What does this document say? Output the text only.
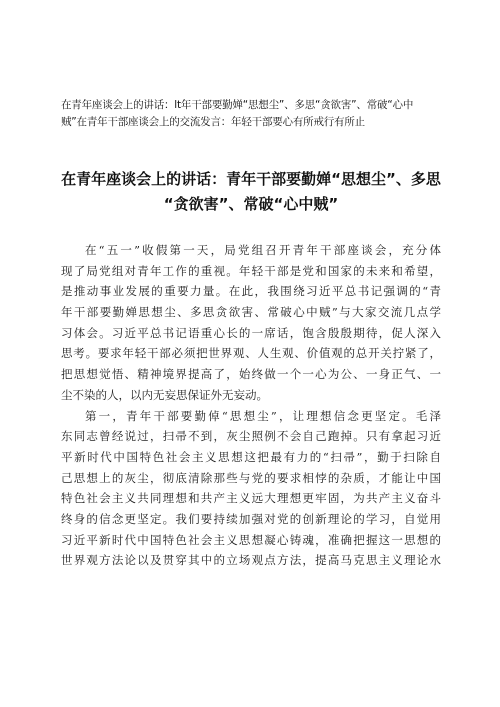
在青年座谈会上的讲话：lt年干部要勤婵“思想尘”、多思“贪欲害”、常破“心中
贼”在青年干部座谈会上的交流发言：年轻干部要心有所戒行有所止
在青年座谈会上的讲话：青年干部要勤婵“思想尘”、多思
“贪欲害”、常破“心中贼”
在“五一”收假第一天，局党组召开青年干部座谈会，充分体
现了局党组对青年工作的重视。年轻干部是党和国家的未来和希望，
是推动事业发展的重要力量。在此，我围绕习近平总书记强调的“青
年干部要勤婵思想尘、多思贪欲害、常破心中贼”与大家交流几点学
习体会。习近平总书记语重心长的一席话，饱含殷殷期待，促人深入
思考。要求年轻干部必须把世界观、人生观、价值观的总开关拧紧了，
把思想觉悟、精神境界提高了，始终做一个一心为公、一身正气、一
尘不染的人，以内无妄思保证外无妄动。
第一，青年干部要勤倬“思想尘”，让理想信念更坚定。毛泽
东同志曾经说过，扫帚不到，灰尘照例不会自己跑掉。只有拿起习近
平新时代中国特色社会主义思想这把最有力的“扫帚”，勤于扫除自
己思想上的灰尘，彻底清除那些与党的要求相悖的杂质，才能让中国
特色社会主义共同理想和共产主义远大理想更牢固，为共产主义奋斗
终身的信念更坚定。我们要持续加强对党的创新理论的学习，自觉用
习近平新时代中国特色社会主义思想凝心铸魂，准确把握这一思想的
世界观方法论以及贯穿其中的立场观点方法，提高马克思主义理论水
